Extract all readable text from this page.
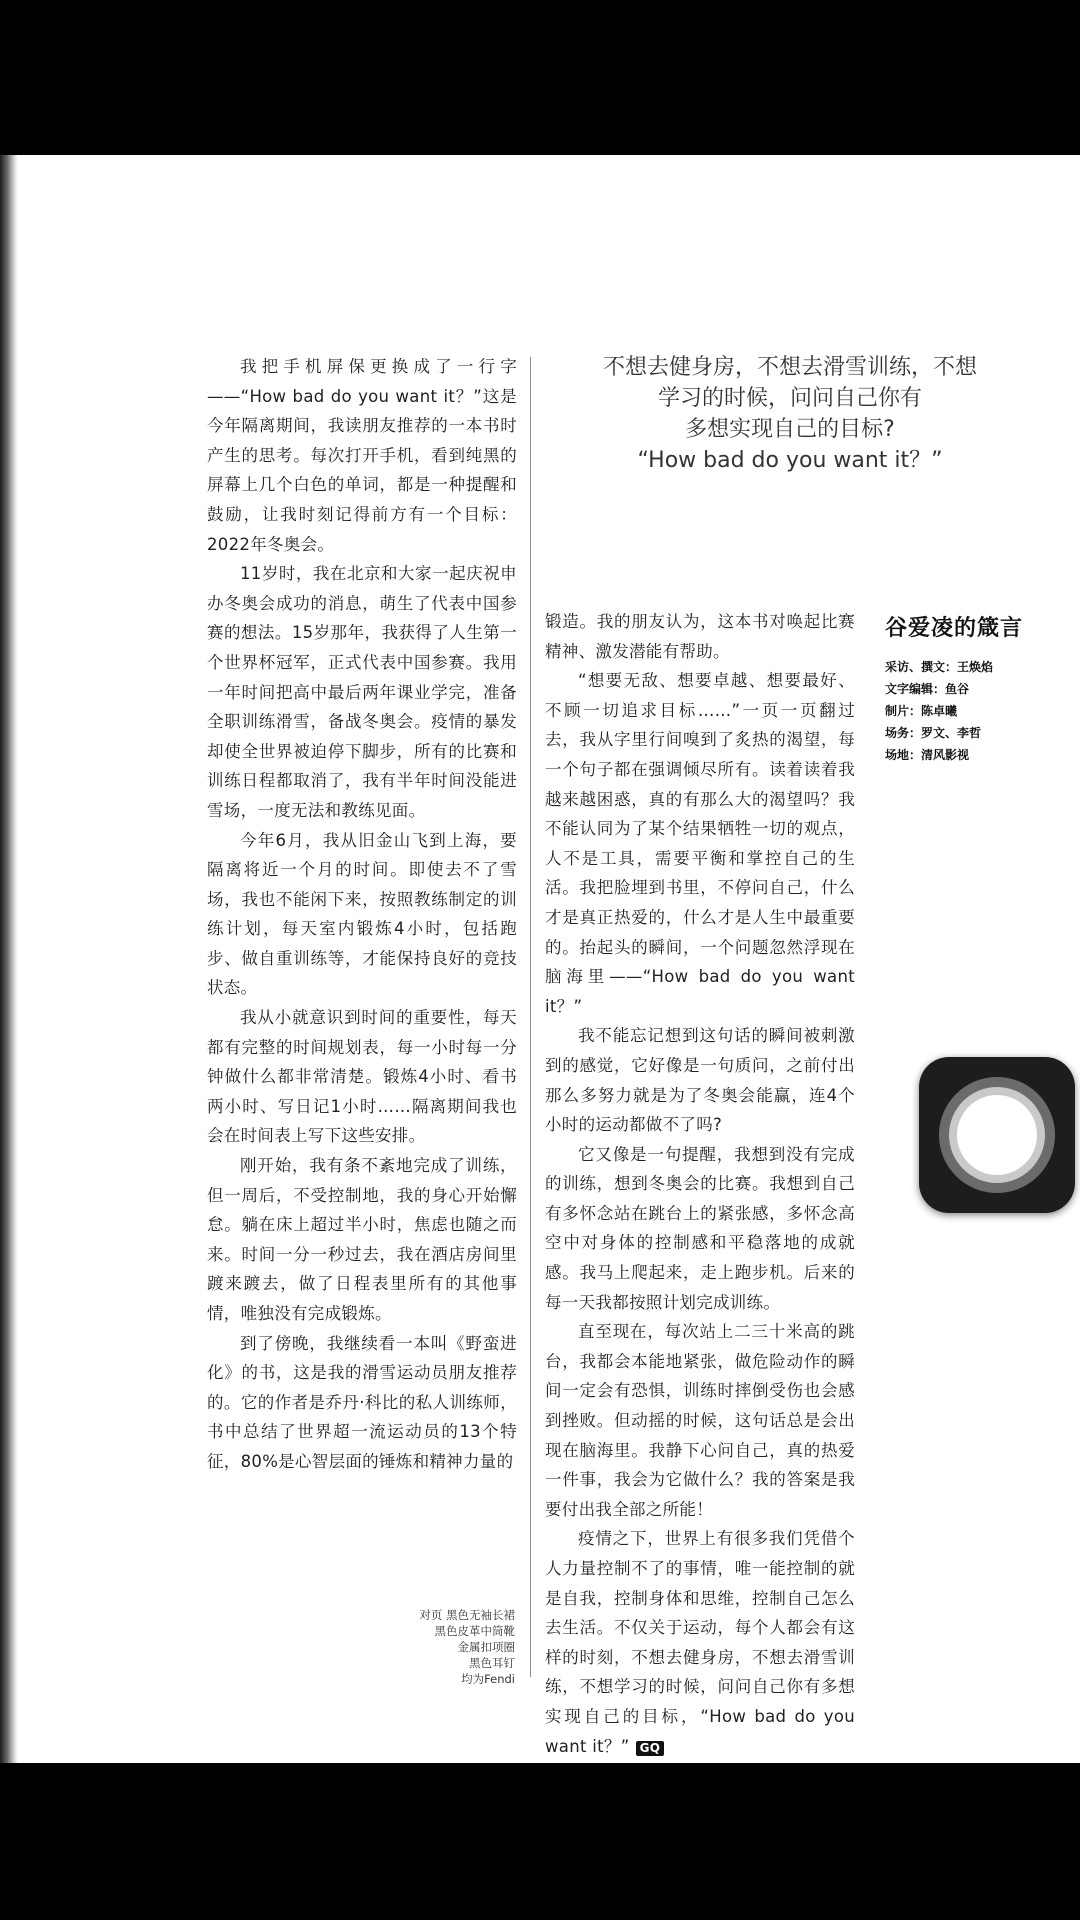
我把手机屏保更换成了一行字——“How bad do you want it？”这是今年隔离期间，我读朋友推荐的一本书时产生的思考。每次打开手机，看到纯黑的屏幕上几个白色的单词，都是一种提醒和鼓励，让我时刻记得前方有一个目标：2022年冬奥会。

11岁时，我在北京和大家一起庆祝申办冬奥会成功的消息，萌生了代表中国参赛的想法。15岁那年，我获得了人生第一个世界杯冠军，正式代表中国参赛。我用一年时间把高中最后两年课业学完，准备全职训练滑雪，备战冬奥会。疫情的暴发却使全世界被迫停下脚步，所有的比赛和训练日程都取消了，我有半年时间没能进雪场，一度无法和教练见面。

今年6月，我从旧金山飞到上海，要隔离将近一个月的时间。即使去不了雪场，我也不能闲下来，按照教练制定的训练计划，每天室内锻炼4小时，包括跑步、做自重训练等，才能保持良好的竞技状态。

我从小就意识到时间的重要性，每天都有完整的时间规划表，每一小时每一分钟做什么都非常清楚。锻炼4小时、看书两小时、写日记1小时……隔离期间我也会在时间表上写下这些安排。

刚开始，我有条不紊地完成了训练，但一周后，不受控制地，我的身心开始懈怠。躺在床上超过半小时，焦虑也随之而来。时间一分一秒过去，我在酒店房间里踱来踱去，做了日程表里所有的其他事情，唯独没有完成锻炼。

到了傍晚，我继续看一本叫《野蛮进化》的书，这是我的滑雪运动员朋友推荐的。它的作者是乔丹·科比的私人训练师，书中总结了世界超一流运动员的13个特征，80%是心智层面的锤炼和精神力量的

不想去健身房，不想去滑雪训练，不想
学习的时候，问问自己你有
多想实现自己的目标?
“How bad do you want it？”

锻造。我的朋友认为，这本书对唤起比赛精神、激发潜能有帮助。

“想要无敌、想要卓越、想要最好、不顾一切追求目标……”一页一页翻过去，我从字里行间嗅到了炙热的渴望，每一个句子都在强调倾尽所有。读着读着我越来越困惑，真的有那么大的渴望吗？我不能认同为了某个结果牺牲一切的观点，人不是工具，需要平衡和掌控自己的生活。我把脸埋到书里，不停问自己，什么才是真正热爱的，什么才是人生中最重要的。抬起头的瞬间，一个问题忽然浮现在脑海里——“How bad do you want it？”

我不能忘记想到这句话的瞬间被刺激到的感觉，它好像是一句质问，之前付出那么多努力就是为了冬奥会能赢，连4个小时的运动都做不了吗?

它又像是一句提醒，我想到没有完成的训练，想到冬奥会的比赛。我想到自己有多怀念站在跳台上的紧张感，多怀念高空中对身体的控制感和平稳落地的成就感。我马上爬起来，走上跑步机。后来的每一天我都按照计划完成训练。

直至现在，每次站上二三十米高的跳台，我都会本能地紧张，做危险动作的瞬间一定会有恐惧，训练时摔倒受伤也会感到挫败。但动摇的时候，这句话总是会出现在脑海里。我静下心问自己，真的热爱一件事，我会为它做什么？我的答案是我要付出我全部之所能！

疫情之下，世界上有很多我们凭借个人力量控制不了的事情，唯一能控制的就是自我，控制身体和思维，控制自己怎么去生活。不仅关于运动，每个人都会有这样的时刻，不想去健身房，不想去滑雪训练，不想学习的时候，问问自己你有多想实现自己的目标，“How bad do you want it？” GQ

谷爱凌的箴言
采访、撰文：王焕焰
文字编辑：鱼谷
制片：陈卓曦
场务：罗文、李哲
场地：清风影视
对页 黑色无袖长裙
黑色皮革中筒靴
金属扣项圈
黑色耳钉
均为Fendi
